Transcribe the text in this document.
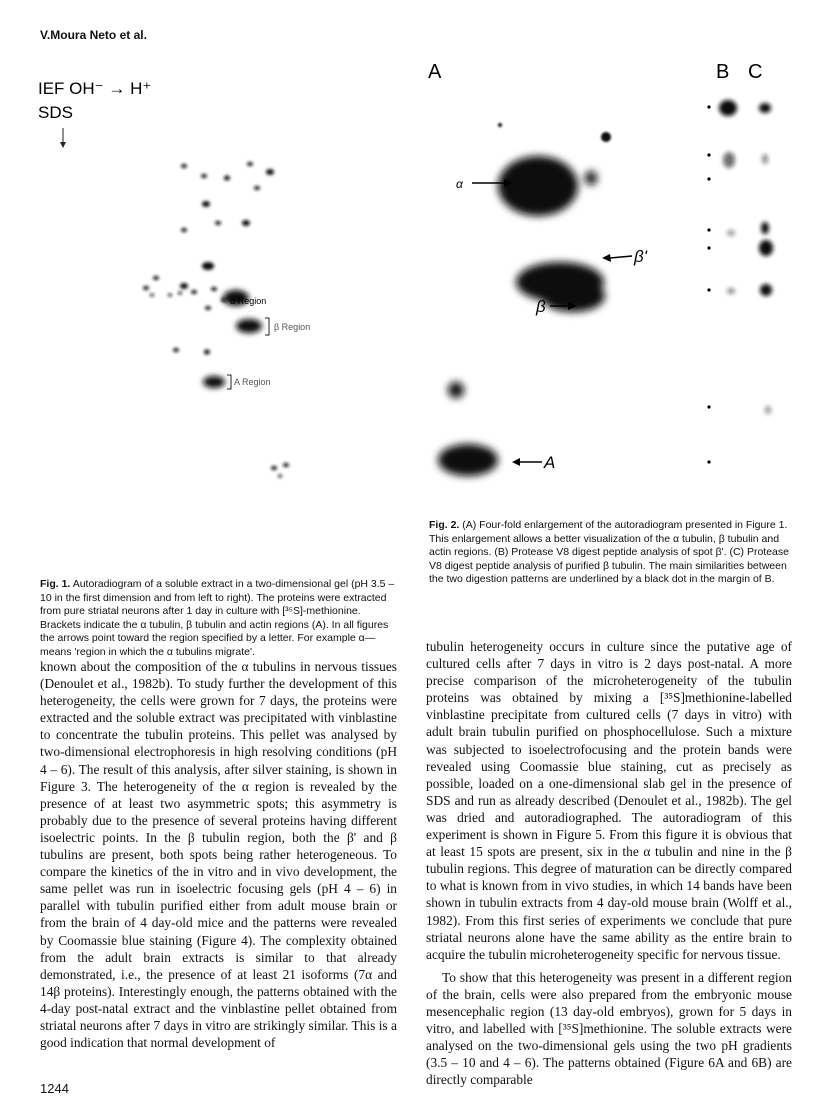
V.Moura Neto et al.
IEF OH⁻ → H⁺
SDS
α Region
β Region
A Region
Fig. 1. Autoradiogram of a soluble extract in a two-dimensional gel (pH 3.5 – 10 in the first dimension and from left to right). The proteins were extracted from pure striatal neurons after 1 day in culture with [³⁵S]-methionine. Brackets indicate the α tubulin, β tubulin and actin regions (A). In all figures the arrows point toward the region specified by a letter. For example α— means 'region in which the α tubulins migrate'.
A	B C
α
β'
β
A
Fig. 2. (A) Four-fold enlargement of the autoradiogram presented in Figure 1. This enlargement allows a better visualization of the α tubulin, β tubulin and actin regions. (B) Protease V8 digest peptide analysis of spot β'. (C) Protease V8 digest peptide analysis of purified β tubulin. The main similarities between the two digestion patterns are underlined by a black dot in the margin of B.

known about the composition of the α tubulins in nervous tissues (Denoulet et al., 1982b). To study further the development of this heterogeneity, the cells were grown for 7 days, the proteins were extracted and the soluble extract was precipitated with vinblastine to concentrate the tubulin proteins. This pellet was analysed by two-dimensional electrophoresis in high resolving conditions (pH 4 – 6). The result of this analysis, after silver staining, is shown in Figure 3. The heterogeneity of the α region is revealed by the presence of at least two asymmetric spots; this asymmetry is probably due to the presence of several proteins having different isoelectric points. In the β tubulin region, both the β' and β tubulins are present, both spots being rather heterogeneous. To compare the kinetics of the in vitro and in vivo development, the same pellet was run in isoelectric focusing gels (pH 4 – 6) in parallel with tubulin purified either from adult mouse brain or from the brain of 4 day-old mice and the patterns were revealed by Coomassie blue staining (Figure 4). The complexity obtained from the adult brain extracts is similar to that already demonstrated, i.e., the presence of at least 21 isoforms (7α and 14β proteins). Interestingly enough, the patterns obtained with the 4-day post-natal extract and the vinblastine pellet obtained from striatal neurons after 7 days in vitro are strikingly similar. This is a good indication that normal development of

tubulin heterogeneity occurs in culture since the putative age of cultured cells after 7 days in vitro is 2 days post-natal. A more precise comparison of the microheterogeneity of the tubulin proteins was obtained by mixing a [³⁵S]methionine-labelled vinblastine precipitate from cultured cells (7 days in vitro) with adult brain tubulin purified on phosphocellulose. Such a mixture was subjected to isoelectrofocusing and the protein bands were revealed using Coomassie blue staining, cut as precisely as possible, loaded on a one-dimensional slab gel in the presence of SDS and run as already described (Denoulet et al., 1982b). The gel was dried and autoradiographed. The autoradiogram of this experiment is shown in Figure 5. From this figure it is obvious that at least 15 spots are present, six in the α tubulin and nine in the β tubulin regions. This degree of maturation can be directly compared to what is known from in vivo studies, in which 14 bands have been shown in tubulin extracts from 4 day-old mouse brain (Wolff et al., 1982). From this first series of experiments we conclude that pure striatal neurons alone have the same ability as the entire brain to acquire the tubulin microheterogeneity specific for nervous tissue.

To show that this heterogeneity was present in a different region of the brain, cells were also prepared from the embryonic mouse mesencephalic region (13 day-old embryos), grown for 5 days in vitro, and labelled with [³⁵S]methionine. The soluble extracts were analysed on the two-dimensional gels using the two pH gradients (3.5 – 10 and 4 – 6). The patterns obtained (Figure 6A and 6B) are directly comparable

1244
